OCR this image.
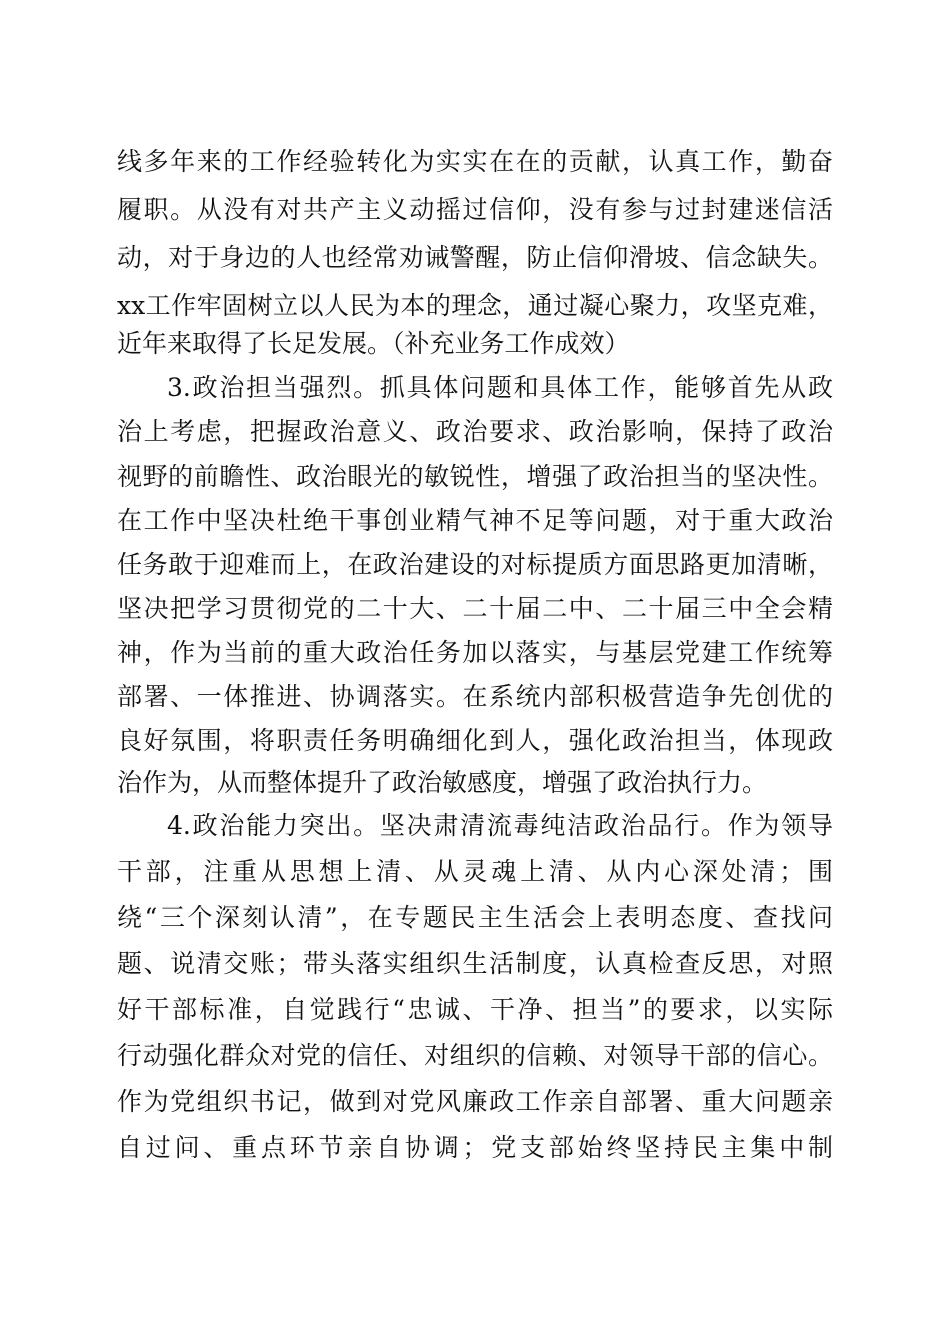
线多年来的工作经验转化为实实在在的贡献，认真工作，勤奋
履职。从没有对共产主义动摇过信仰，没有参与过封建迷信活
动，对于身边的人也经常劝诫警醒，防止信仰滑坡、信念缺失。
xx工作牢固树立以人民为本的理念，通过凝心聚力，攻坚克难，
近年来取得了长足发展。（补充业务工作成效）
3.政治担当强烈。抓具体问题和具体工作，能够首先从政
治上考虑，把握政治意义、政治要求、政治影响，保持了政治
视野的前瞻性、政治眼光的敏锐性，增强了政治担当的坚决性。
在工作中坚决杜绝干事创业精气神不足等问题，对于重大政治
任务敢于迎难而上，在政治建设的对标提质方面思路更加清晰，
坚决把学习贯彻党的二十大、二十届二中、二十届三中全会精
神，作为当前的重大政治任务加以落实，与基层党建工作统筹
部署、一体推进、协调落实。在系统内部积极营造争先创优的
良好氛围，将职责任务明确细化到人，强化政治担当，体现政
治作为，从而整体提升了政治敏感度，增强了政治执行力。
4.政治能力突出。坚决肃清流毒纯洁政治品行。作为领导
干部，注重从思想上清、从灵魂上清、从内心深处清；围
绕“三个深刻认清”，在专题民主生活会上表明态度、查找问
题、说清交账；带头落实组织生活制度，认真检查反思，对照
好干部标准，自觉践行“忠诚、干净、担当”的要求，以实际
行动强化群众对党的信任、对组织的信赖、对领导干部的信心。
作为党组织书记，做到对党风廉政工作亲自部署、重大问题亲
自过问、重点环节亲自协调；党支部始终坚持民主集中制
